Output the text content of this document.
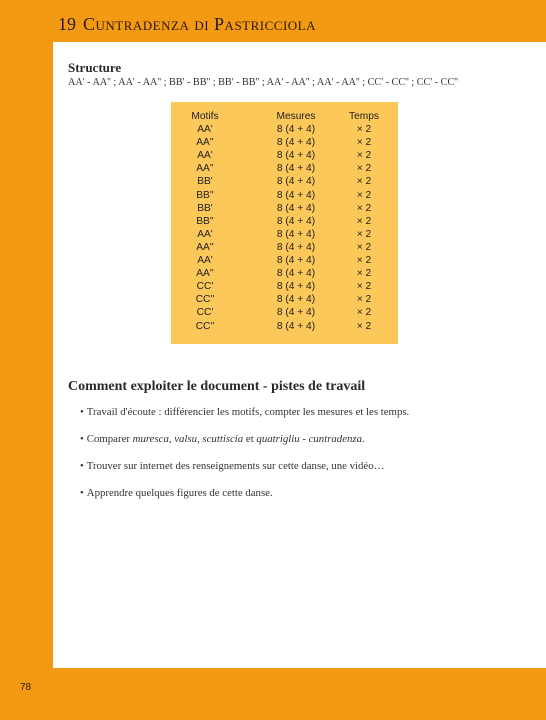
19 Cuntradenza di Pastricciola
Structure
AA' - AA'' ; AA' - AA'' ; BB' - BB'' ; BB' - BB'' ; AA' - AA'' ; AA' - AA'' ; CC' - CC'' ; CC' - CC''
Motifs	Mesures	Temps
AA'	8 (4 + 4)	× 2
AA''	8 (4 + 4)	× 2
AA'	8 (4 + 4)	× 2
AA''	8 (4 + 4)	× 2
BB'	8 (4 + 4)	× 2
BB''	8 (4 + 4)	× 2
BB'	8 (4 + 4)	× 2
BB''	8 (4 + 4)	× 2
AA'	8 (4 + 4)	× 2
AA''	8 (4 + 4)	× 2
AA'	8 (4 + 4)	× 2
AA''	8 (4 + 4)	× 2
CC'	8 (4 + 4)	× 2
CC''	8 (4 + 4)	× 2
CC'	8 (4 + 4)	× 2
CC''	8 (4 + 4)	× 2
Comment exploiter le document - pistes de travail
• Travail d'écoute : différencier les motifs, compter les mesures et les temps.
• Comparer muresca, valsu, scuttiscia et quatrigliu - cuntradenza.
• Trouver sur internet des renseignements sur cette danse, une vidéo…
• Apprendre quelques figures de cette danse.
78
